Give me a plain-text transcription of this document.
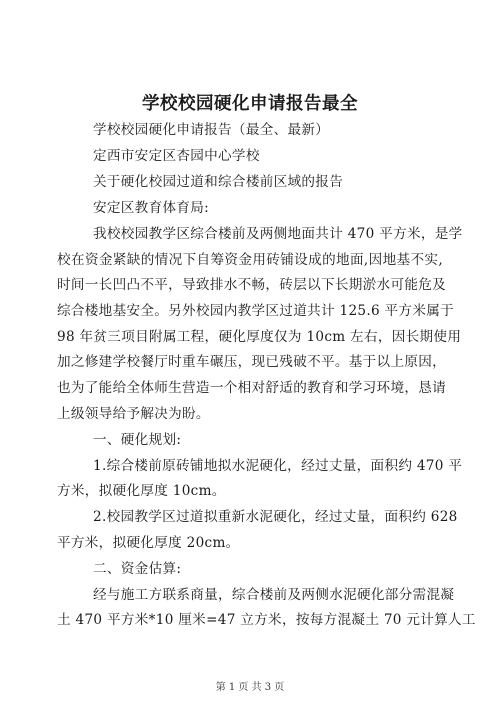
学校校园硬化申请报告最全
学校校园硬化申请报告（最全、最新）
定西市安定区杏园中心学校
关于硬化校园过道和综合楼前区域的报告
安定区教育体育局:
我校校园教学区综合楼前及两侧地面共计 470 平方米，是学
校在资金紧缺的情况下自筹资金用砖铺设成的地面,因地基不实,
时间一长凹凸不平，导致排水不畅，砖层以下长期淤水可能危及
综合楼地基安全。另外校园内教学区过道共计 125.6 平方米属于
98 年贫三项目附属工程，硬化厚度仅为 10cm 左右，因长期使用
加之修建学校餐厅时重车碾压，现已残破不平。基于以上原因，
也为了能给全体师生营造一个相对舒适的教育和学习环境，恳请
上级领导给予解决为盼。
一、硬化规划:
1.综合楼前原砖铺地拟水泥硬化，经过丈量，面积约 470 平
方米，拟硬化厚度 10cm。
2.校园教学区过道拟重新水泥硬化，经过丈量，面积约 628
平方米，拟硬化厚度 20cm。
二、资金估算:
经与施工方联系商量，综合楼前及两侧水泥硬化部分需混凝
土 470 平方米*10 厘米=47 立方米，按每方混凝土 70 元计算人工
第 1 页 共 3 页
